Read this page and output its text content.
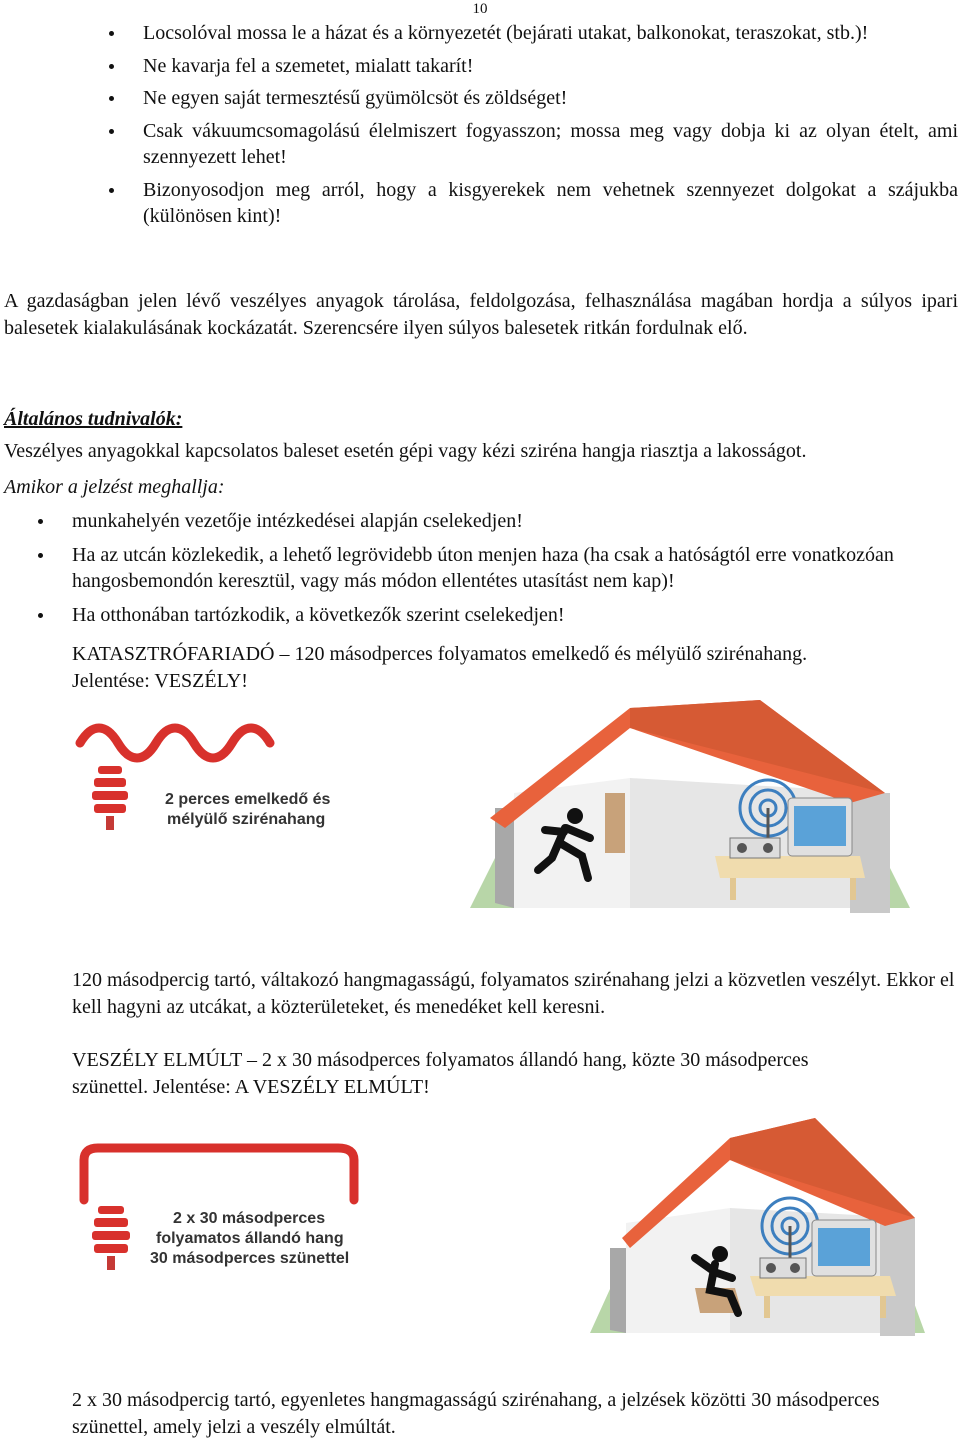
10
Locsolóval mossa le a házat és a környezetét (bejárati utakat, balkonokat, teraszokat, stb.)!
Ne kavarja fel a szemetet, mialatt takarít!
Ne egyen saját termesztésű gyümölcsöt és zöldséget!
Csak vákuumcsomagolású élelmiszert fogyasszon; mossa meg vagy dobja ki az olyan ételt, ami szennyezett lehet!
Bizonyosodjon meg arról, hogy a kisgyerekek nem vehetnek szennyezet dolgokat a szájukba (különösen kint)!

A gazdaságban jelen lévő veszélyes anyagok tárolása, feldolgozása, felhasználása magában hordja a súlyos ipari balesetek kialakulásának kockázatát. Szerencsére ilyen súlyos balesetek ritkán fordulnak elő.

Általános tudnivalók:

Veszélyes anyagokkal kapcsolatos baleset esetén gépi vagy kézi sziréna hangja riasztja a lakosságot.

Amikor a jelzést meghallja:

munkahelyén vezetője intézkedései alapján cselekedjen!
Ha az utcán közlekedik, a lehető legrövidebb úton menjen haza (ha csak a hatóságtól erre vonatkozóan hangosbemondón keresztül, vagy más módon ellentétes utasítást nem kap)!
Ha otthonában tartózkodik, a következők szerint cselekedjen!

KATASZTRÓFARIADÓ – 120 másodperces folyamatos emelkedő és mélyülő szirénahang.
Jelentése: VESZÉLY!

2 perces emelkedő és
mélyülő szirénahang

120 másodpercig tartó, váltakozó hangmagasságú, folyamatos szirénahang jelzi a közvetlen veszélyt. Ekkor el kell hagyni az utcákat, a közterületeket, és menedéket kell keresni.

VESZÉLY ELMÚLT – 2 x 30 másodperces folyamatos állandó hang, közte 30 másodperces
szünettel. Jelentése: A VESZÉLY ELMÚLT!

2 x 30 másodperces
folyamatos állandó hang
30 másodperces szünettel

2 x 30 másodpercig tartó, egyenletes hangmagasságú szirénahang, a jelzések közötti 30 másodperces szünettel, amely jelzi a veszély elmúltát.
